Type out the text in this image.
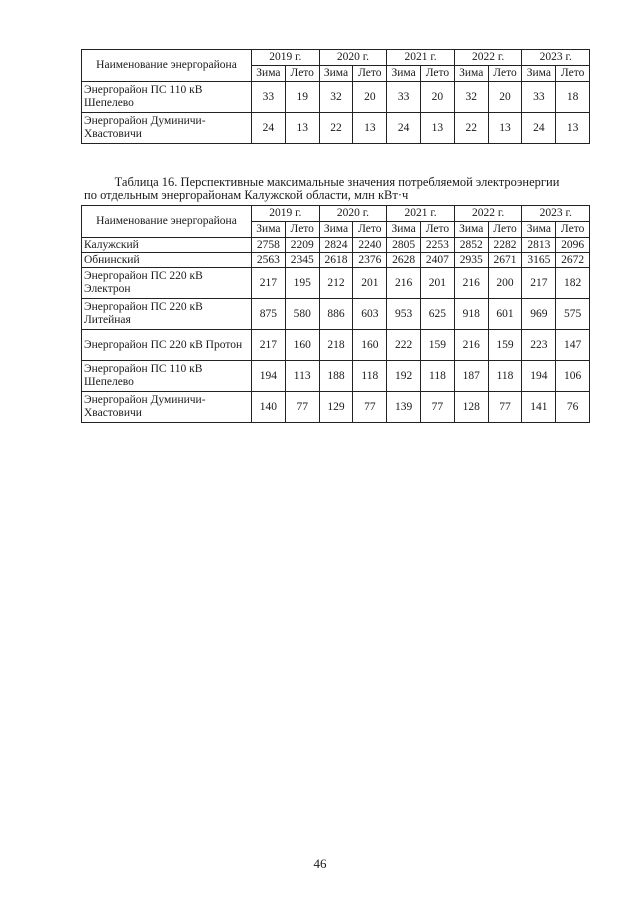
Наименование энергорайона	2019 г.		2020 г.		2021 г.		2022 г.		2023 г.	
	Зима	Лето	Зима	Лето	Зима	Лето	Зима	Лето	Зима	Лето
Энергорайон ПС 110 кВ Шепелево	33	19	32	20	33	20	32	20	33	18
Энергорайон Думиничи-Хвастовичи	24	13	22	13	24	13	22	13	24	13
Таблица 16. Перспективные максимальные значения потребляемой электроэнергии
по отдельным энергорайонам Калужской области, млн кВт·ч
Наименование энергорайона	2019 г.		2020 г.		2021 г.		2022 г.		2023 г.	
	Зима	Лето	Зима	Лето	Зима	Лето	Зима	Лето	Зима	Лето
Калужский	2758	2209	2824	2240	2805	2253	2852	2282	2813	2096
Обнинский	2563	2345	2618	2376	2628	2407	2935	2671	3165	2672
Энергорайон ПС 220 кВ Электрон	217	195	212	201	216	201	216	200	217	182
Энергорайон ПС 220 кВ Литейная	875	580	886	603	953	625	918	601	969	575
Энергорайон ПС 220 кВ Протон	217	160	218	160	222	159	216	159	223	147
Энергорайон ПС 110 кВ Шепелево	194	113	188	118	192	118	187	118	194	106
Энергорайон Думиничи-Хвастовичи	140	77	129	77	139	77	128	77	141	76
46
